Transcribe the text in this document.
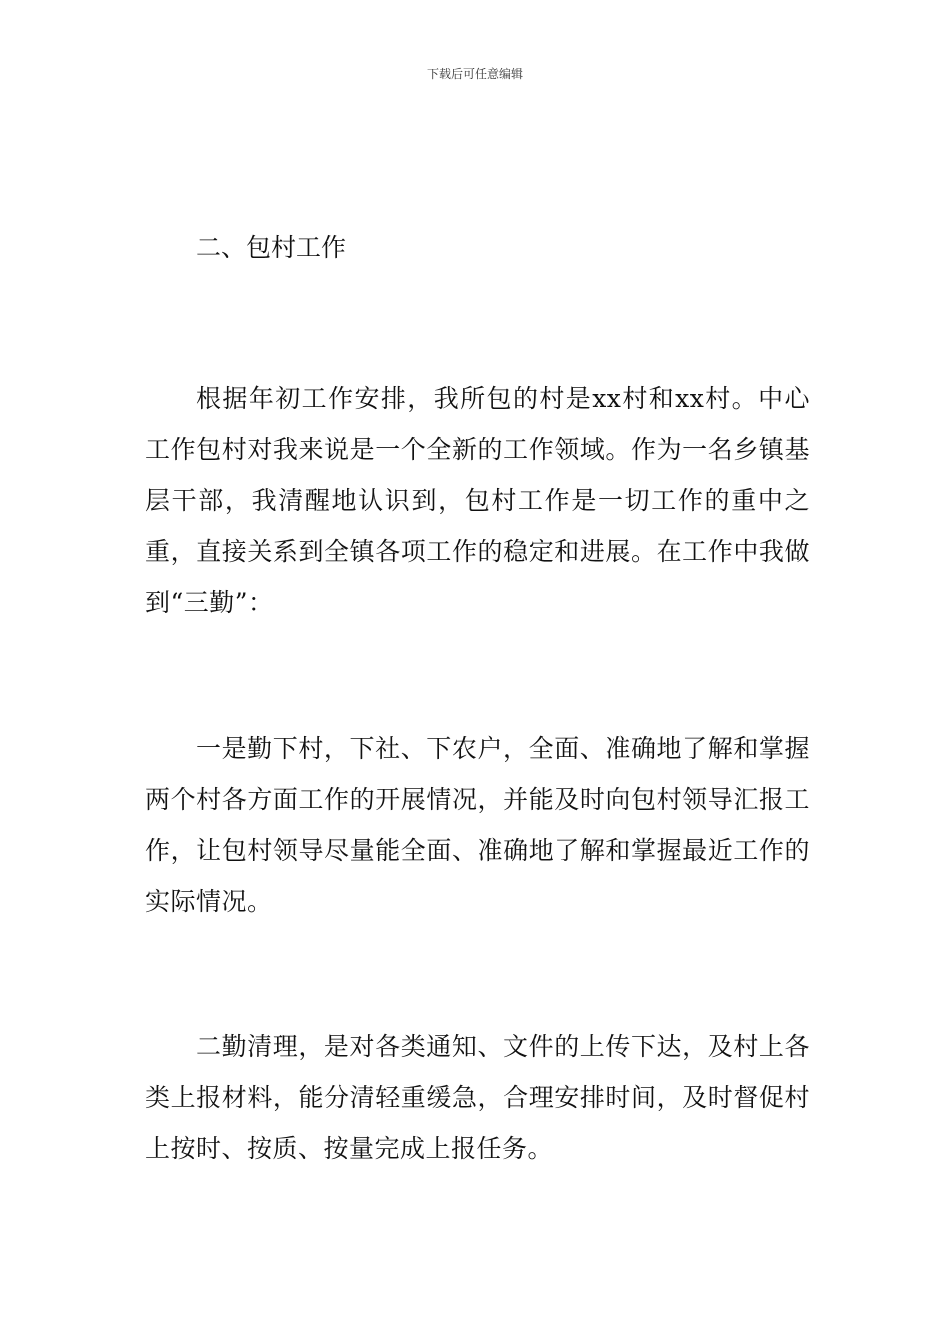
下载后可任意编辑
二、包村工作

根据年初工作安排，我所包的村是xx村和xx村。中心工作包村对我来说是一个全新的工作领域。作为一名乡镇基层干部，我清醒地认识到，包村工作是一切工作的重中之重，直接关系到全镇各项工作的稳定和进展。在工作中我做到“三勤”：

一是勤下村，下社、下农户，全面、准确地了解和掌握两个村各方面工作的开展情况，并能及时向包村领导汇报工作，让包村领导尽量能全面、准确地了解和掌握最近工作的实际情况。

二勤清理，是对各类通知、文件的上传下达，及村上各类上报材料，能分清轻重缓急，合理安排时间，及时督促村上按时、按质、按量完成上报任务。
